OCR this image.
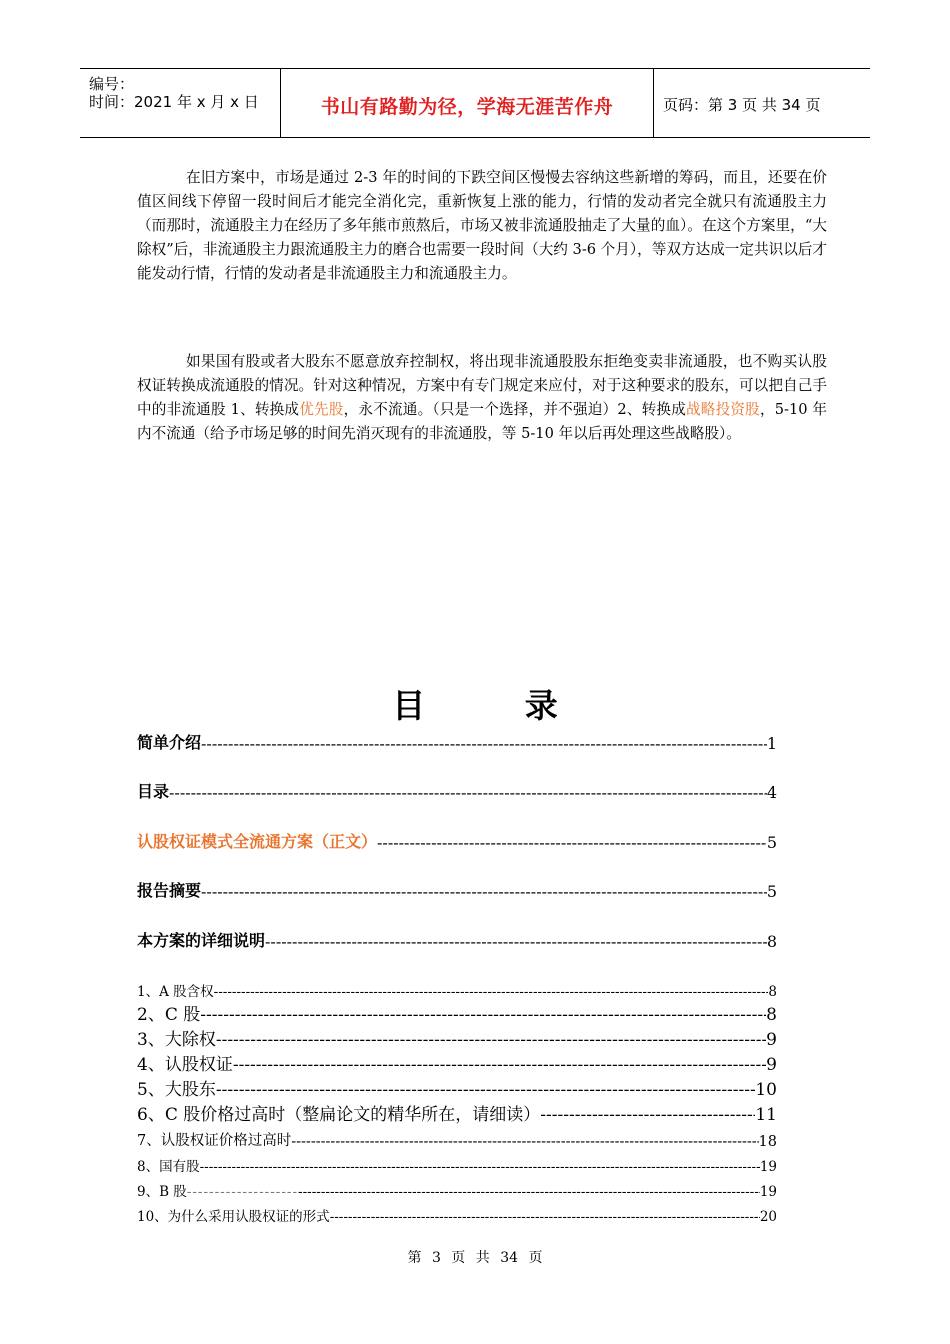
编号：
时间：2021 年 x 月 x 日	书山有路勤为径，学海无涯苦作舟	页码：第 3 页 共 34 页
在旧方案中，市场是通过 2-3 年的时间的下跌空间区慢慢去容纳这些新增的筹码，而且，还要在价值区间线下停留一段时间后才能完全消化完，重新恢复上涨的能力，行情的发动者完全就只有流通股主力（而那时，流通股主力在经历了多年熊市煎熬后，市场又被非流通股抽走了大量的血）。在这个方案里，“大除权”后，非流通股主力跟流通股主力的磨合也需要一段时间（大约 3-6 个月），等双方达成一定共识以后才能发动行情，行情的发动者是非流通股主力和流通股主力。
如果国有股或者大股东不愿意放弃控制权，将出现非流通股股东拒绝变卖非流通股，也不购买认股权证转换成流通股的情况。针对这种情况，方案中有专门规定来应付，对于这种要求的股东，可以把自己手中的非流通股 1、转换成优先股，永不流通。（只是一个选择，并不强迫）2、转换成战略投资股，5-10 年内不流通（给予市场足够的时间先消灭现有的非流通股，等 5-10 年以后再处理这些战略股）。
目 录
简单介绍 -----	1
目录 -----	4
认股权证模式全流通方案（正文） -----	5
报告摘要 -----	5
本方案的详细说明 -----	8
1、A 股含权 -----	8
2、C 股 -----	8
3、大除权 -----	9
4、认股权证 -----	9
5、大股东 -----	10
6、C 股价格过高时（整扁论文的精华所在，请细读）- -----	11
7、认股权证价格过高时 -----	18
8、国有股 -----	19
9、B 股 -------------------- -----	19
10、为什么采用认股权证的形式 -----	20
第 3 页 共 34 页
